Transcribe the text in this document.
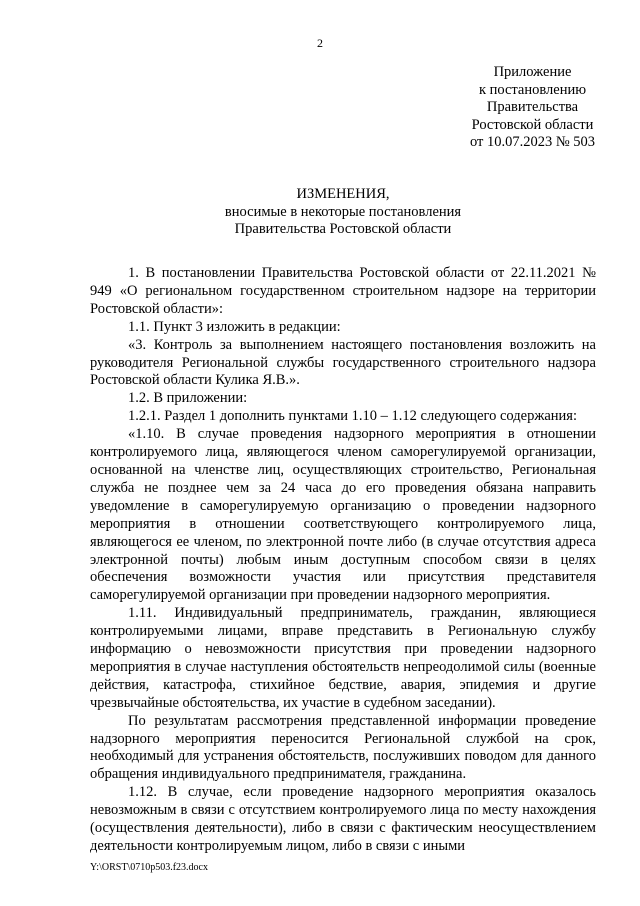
2
Приложение
к постановлению
Правительства
Ростовской области
от 10.07.2023 № 503
ИЗМЕНЕНИЯ,
вносимые в некоторые постановления
Правительства Ростовской области

1. В постановлении Правительства Ростовской области от 22.11.2021 № 949 «О региональном государственном строительном надзоре на территории Ростовской области»:

1.1. Пункт 3 изложить в редакции:

«3. Контроль за выполнением настоящего постановления возложить на руководителя Региональной службы государственного строительного надзора Ростовской области Кулика Я.В.».

1.2. В приложении:

1.2.1. Раздел 1 дополнить пунктами 1.10 – 1.12 следующего содержания:

«1.10. В случае проведения надзорного мероприятия в отношении контролируемого лица, являющегося членом саморегулируемой организации, основанной на членстве лиц, осуществляющих строительство, Региональная служба не позднее чем за 24 часа до его проведения обязана направить уведомление в саморегулируемую организацию о проведении надзорного мероприятия в отношении соответствующего контролируемого лица, являющегося ее членом, по электронной почте либо (в случае отсутствия адреса электронной почты) любым иным доступным способом связи в целях обеспечения возможности участия или присутствия представителя саморегулируемой организации при проведении надзорного мероприятия.

1.11. Индивидуальный предприниматель, гражданин, являющиеся контролируемыми лицами, вправе представить в Региональную службу информацию о невозможности присутствия при проведении надзорного мероприятия в случае наступления обстоятельств непреодолимой силы (военные действия, катастрофа, стихийное бедствие, авария, эпидемия и другие чрезвычайные обстоятельства, их участие в судебном заседании).

По результатам рассмотрения представленной информации проведение надзорного мероприятия переносится Региональной службой на срок, необходимый для устранения обстоятельств, послуживших поводом для данного обращения индивидуального предпринимателя, гражданина.

1.12. В случае, если проведение надзорного мероприятия оказалось невозможным в связи с отсутствием контролируемого лица по месту нахождения (осуществления деятельности), либо в связи с фактическим неосуществлением деятельности контролируемым лицом, либо в связи с иными

Y:\ORST\0710p503.f23.docx
